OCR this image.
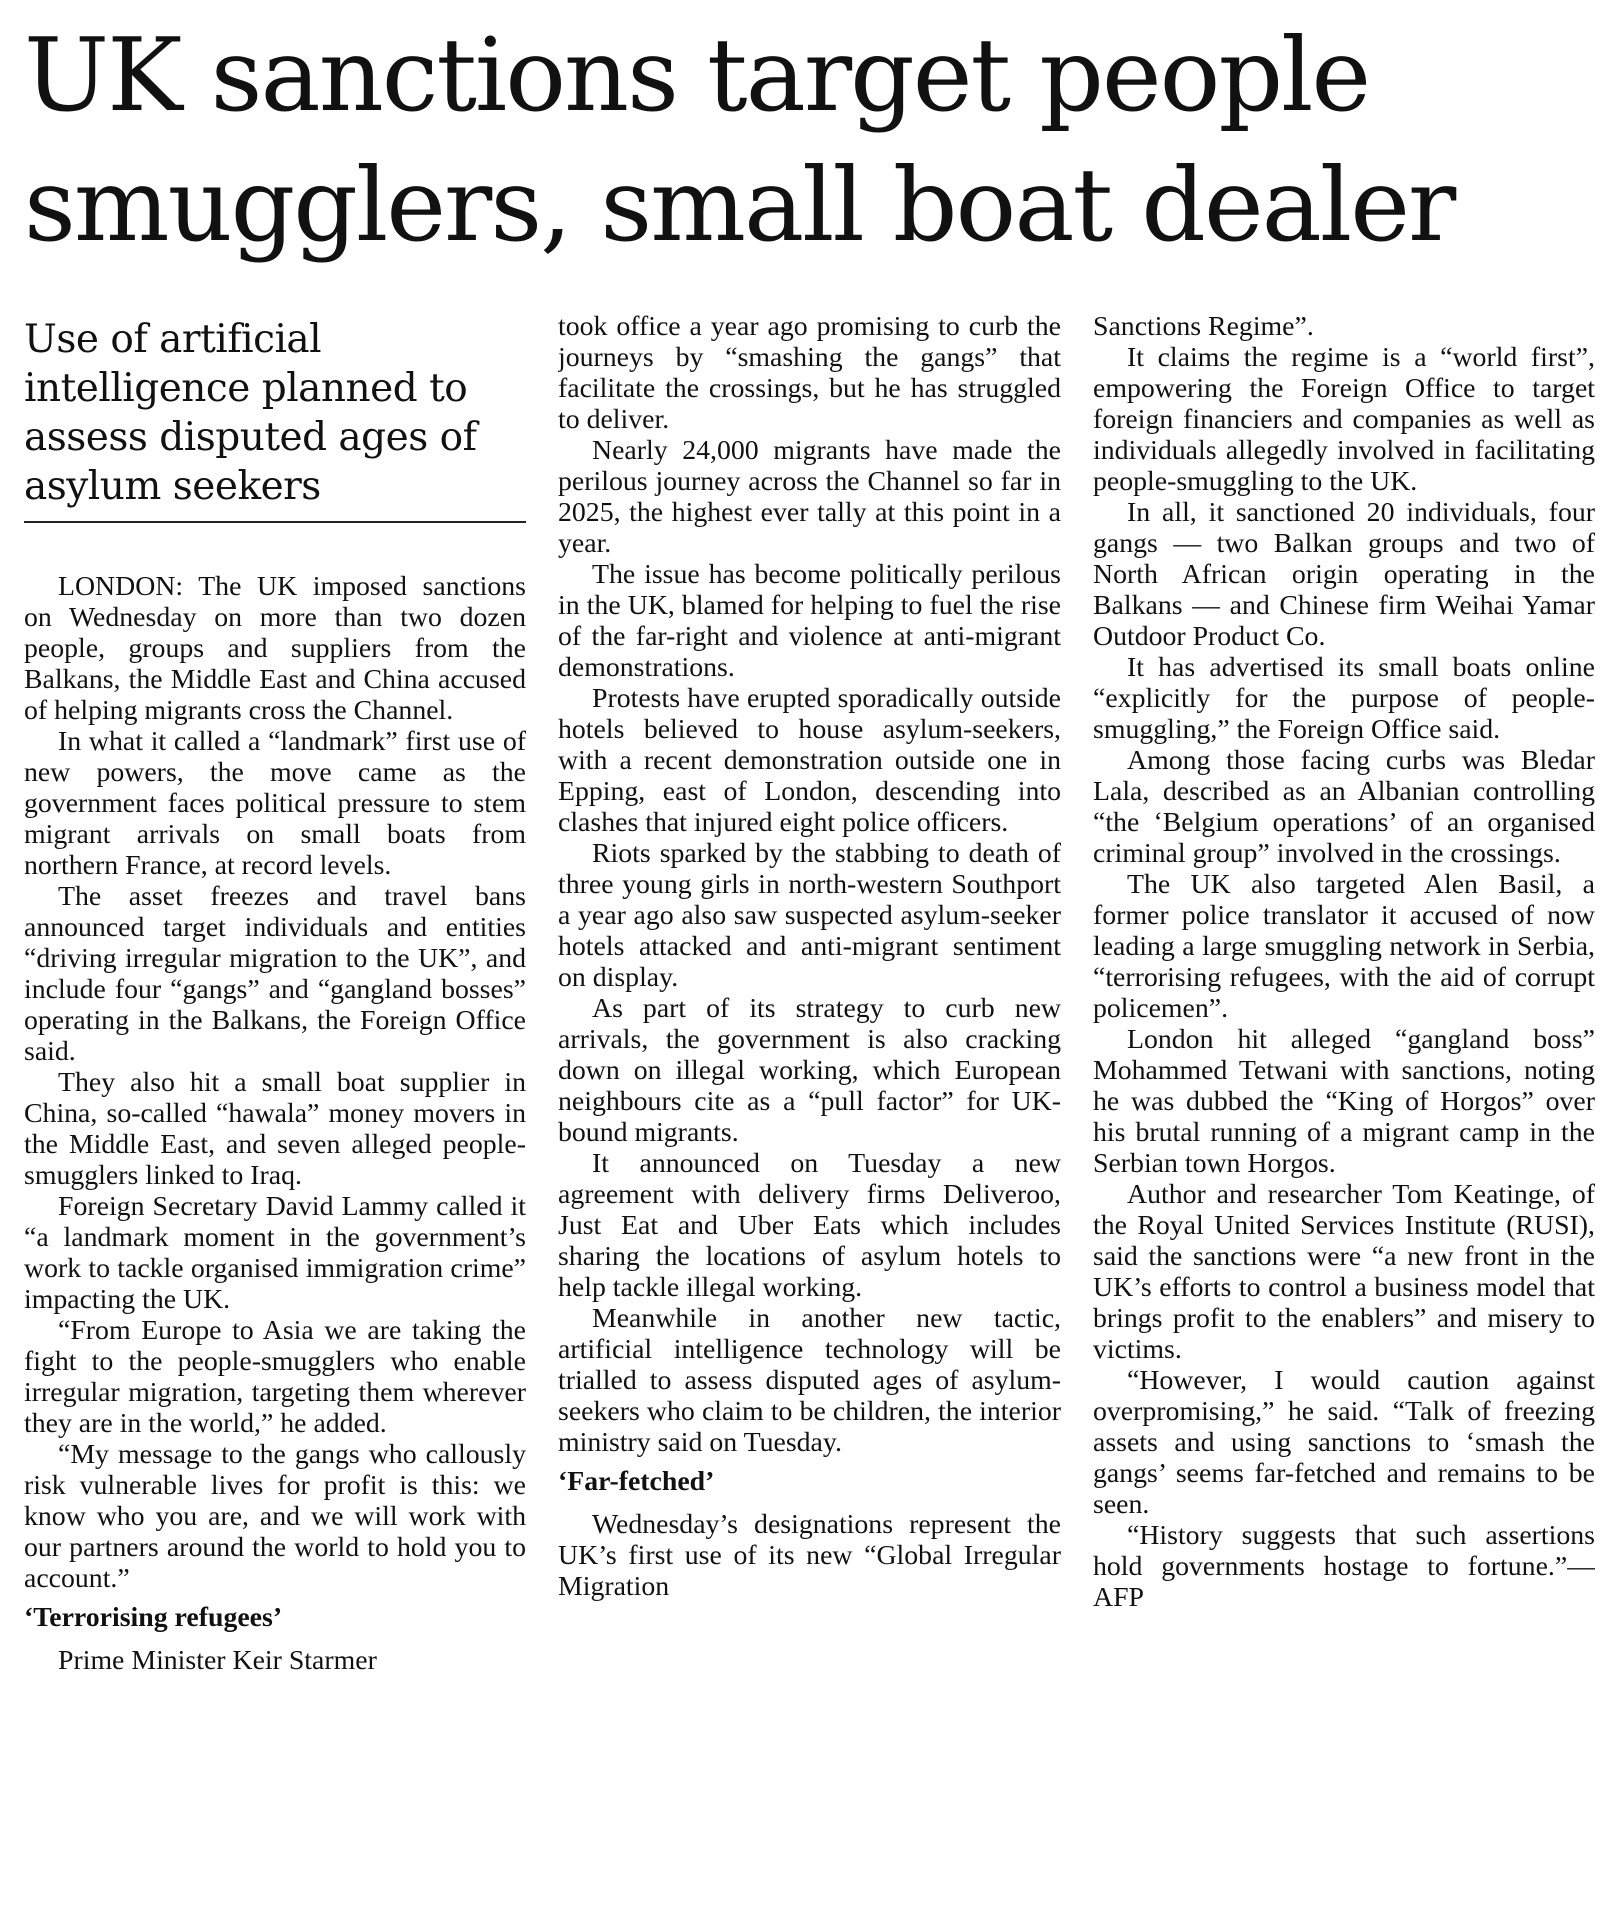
UK sanctions target people smugglers, small boat dealer
Use of artificial intelligence planned to assess disputed ages of asylum seekers

LONDON: The UK imposed sanctions on Wednesday on more than two dozen people, groups and suppliers from the Balkans, the Middle East and China accused of helping migrants cross the Channel.

In what it called a “landmark” first use of new powers, the move came as the government faces political pressure to stem migrant arrivals on small boats from northern France, at record levels.

The asset freezes and travel bans announced target individuals and entities “driving irregular migration to the UK”, and include four “gangs” and “gangland bosses” operating in the Balkans, the Foreign Office said.

They also hit a small boat supplier in China, so-called “hawala” money movers in the Middle East, and seven alleged people-smugglers linked to Iraq.

Foreign Secretary David Lammy called it “a landmark moment in the government’s work to tackle organised immigration crime” impacting the UK.

“From Europe to Asia we are taking the fight to the people-smugglers who enable irregular migration, targeting them wherever they are in the world,” he added.

“My message to the gangs who callously risk vulnerable lives for profit is this: we know who you are, and we will work with our partners around the world to hold you to account.”

‘Terrorising refugees’

Prime Minister Keir Starmer

took office a year ago promising to curb the journeys by “smashing the gangs” that facilitate the crossings, but he has struggled to deliver.

Nearly 24,000 migrants have made the perilous journey across the Channel so far in 2025, the highest ever tally at this point in a year.

The issue has become politically perilous in the UK, blamed for helping to fuel the rise of the far-right and violence at anti-migrant demonstrations.

Protests have erupted sporadically outside hotels believed to house asylum-seekers, with a recent demonstration outside one in Epping, east of London, descending into clashes that injured eight police officers.

Riots sparked by the stabbing to death of three young girls in north-western Southport a year ago also saw suspected asylum-seeker hotels attacked and anti-migrant sentiment on display.

As part of its strategy to curb new arrivals, the government is also cracking down on illegal working, which European neighbours cite as a “pull factor” for UK-bound migrants.

It announced on Tuesday a new agreement with delivery firms Deliveroo, Just Eat and Uber Eats which includes sharing the locations of asylum hotels to help tackle illegal working.

Meanwhile in another new tactic, artificial intelligence technology will be trialled to assess disputed ages of asylum-seekers who claim to be children, the interior ministry said on Tuesday.

‘Far-fetched’

Wednesday’s designations represent the UK’s first use of its new “Global Irregular Migration

Sanctions Regime”.

It claims the regime is a “world first”, empowering the Foreign Office to target foreign financiers and companies as well as individuals allegedly involved in facilitating people-smuggling to the UK.

In all, it sanctioned 20 individuals, four gangs — two Balkan groups and two of North African origin operating in the Balkans — and Chinese firm Weihai Yamar Outdoor Product Co.

It has advertised its small boats online “explicitly for the purpose of people-smuggling,” the Foreign Office said.

Among those facing curbs was Bledar Lala, described as an Albanian controlling “the ‘Belgium operations’ of an organised criminal group” involved in the crossings.

The UK also targeted Alen Basil, a former police translator it accused of now leading a large smuggling network in Serbia, “terrorising refugees, with the aid of corrupt policemen”.

London hit alleged “gangland boss” Mohammed Tetwani with sanctions, noting he was dubbed the “King of Horgos” over his brutal running of a migrant camp in the Serbian town Horgos.

Author and researcher Tom Keatinge, of the Royal United Services Institute (RUSI), said the sanctions were “a new front in the UK’s efforts to control a business model that brings profit to the enablers” and misery to victims.

“However, I would caution against overpromising,” he said. “Talk of freezing assets and using sanctions to ‘smash the gangs’ seems far-fetched and remains to be seen.

“History suggests that such assertions hold governments hostage to fortune.”—AFP
